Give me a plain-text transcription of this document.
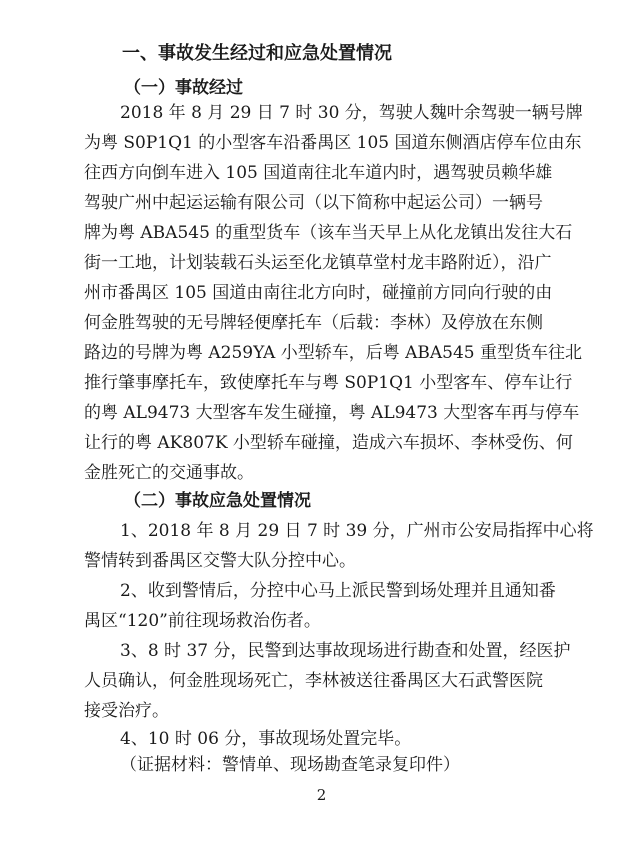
一、事故发生经过和应急处置情况
（一）事故经过
2018 年 8 月 29 日 7 时 30 分，驾驶人魏叶余驾驶一辆号牌
为粤 S0P1Q1 的小型客车沿番禺区 105 国道东侧酒店停车位由东
往西方向倒车进入 105 国道南往北车道内时，遇驾驶员赖华雄
驾驶广州中起运运输有限公司（以下简称中起运公司）一辆号
牌为粤 ABA545 的重型货车（该车当天早上从化龙镇出发往大石
街一工地，计划装载石头运至化龙镇草堂村龙丰路附近），沿广
州市番禺区 105 国道由南往北方向时，碰撞前方同向行驶的由
何金胜驾驶的无号牌轻便摩托车（后载：李林）及停放在东侧
路边的号牌为粤 A259YA 小型轿车，后粤 ABA545 重型货车往北
推行肇事摩托车，致使摩托车与粤 S0P1Q1 小型客车、停车让行
的粤 AL9473 大型客车发生碰撞，粤 AL9473 大型客车再与停车
让行的粤 AK807K 小型轿车碰撞，造成六车损坏、李林受伤、何
金胜死亡的交通事故。
（二）事故应急处置情况
1、2018 年 8 月 29 日 7 时 39 分，广州市公安局指挥中心将
警情转到番禺区交警大队分控中心。
2、收到警情后，分控中心马上派民警到场处理并且通知番
禺区“120”前往现场救治伤者。
3、8 时 37 分，民警到达事故现场进行勘查和处置，经医护
人员确认，何金胜现场死亡，李林被送往番禺区大石武警医院
接受治疗。
4、10 时 06 分，事故现场处置完毕。
（证据材料：警情单、现场勘查笔录复印件）
2
